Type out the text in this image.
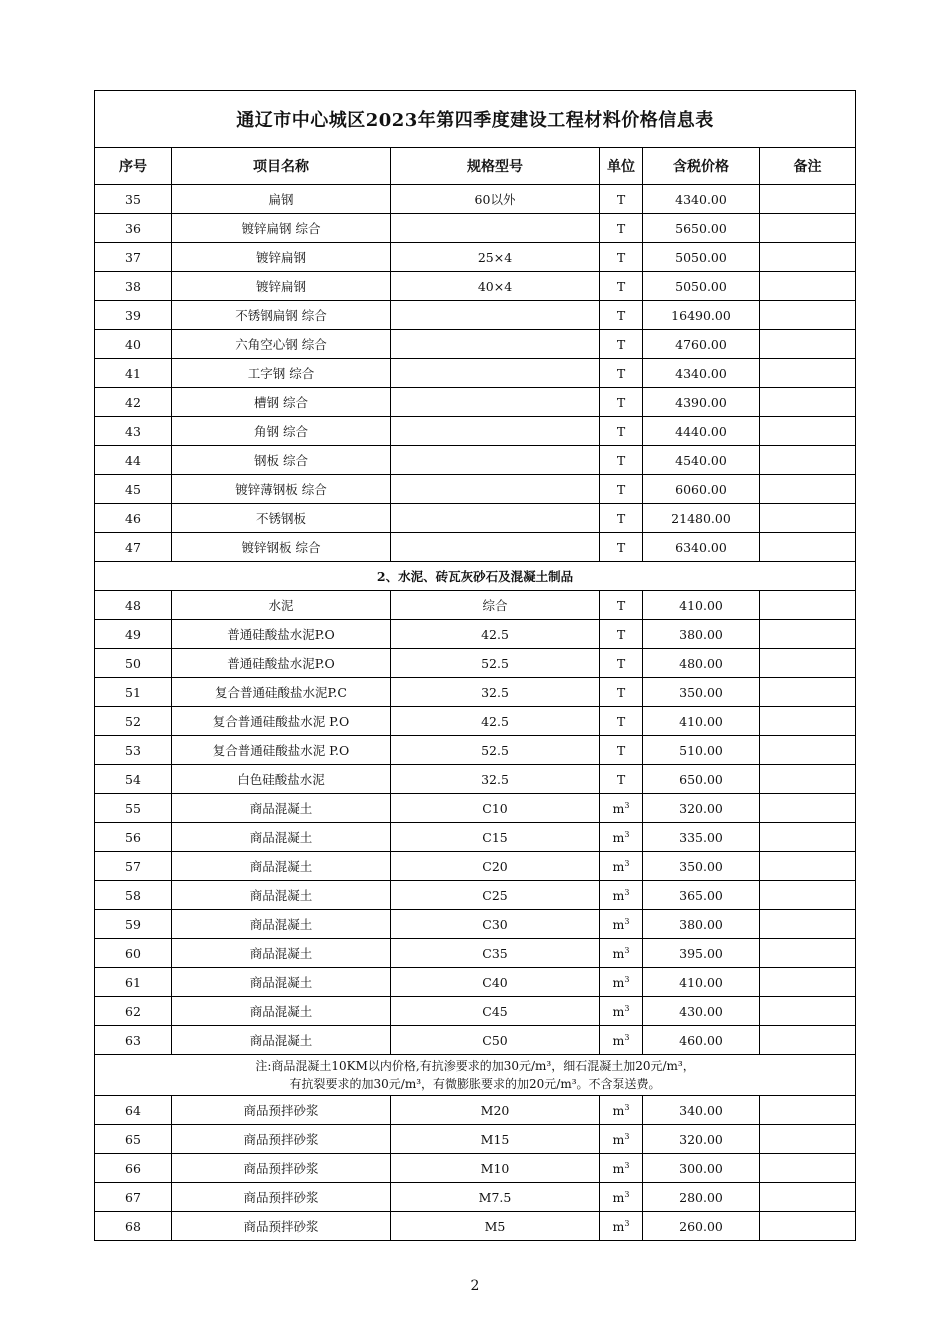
通辽市中心城区2023年第四季度建设工程材料价格信息表					
序号	项目名称	规格型号	单位	含税价格	备注
35	扁钢	60以外	T	4340.00	
36	镀锌扁钢 综合		T	5650.00	
37	镀锌扁钢	25×4	T	5050.00	
38	镀锌扁钢	40×4	T	5050.00	
39	不锈钢扁钢 综合		T	16490.00	
40	六角空心钢 综合		T	4760.00	
41	工字钢 综合		T	4340.00	
42	槽钢 综合		T	4390.00	
43	角钢 综合		T	4440.00	
44	钢板 综合		T	4540.00	
45	镀锌薄钢板 综合		T	6060.00	
46	不锈钢板		T	21480.00	
47	镀锌钢板 综合		T	6340.00	
2、水泥、砖瓦灰砂石及混凝土制品					
48	水泥	综合	T	410.00	
49	普通硅酸盐水泥P.O	42.5	T	380.00	
50	普通硅酸盐水泥P.O	52.5	T	480.00	
51	复合普通硅酸盐水泥P.C	32.5	T	350.00	
52	复合普通硅酸盐水泥 P.O	42.5	T	410.00	
53	复合普通硅酸盐水泥 P.O	52.5	T	510.00	
54	白色硅酸盐水泥	32.5	T	650.00	
55	商品混凝土	C10	$m^3$	320.00	
56	商品混凝土	C15	$m^3$	335.00	
57	商品混凝土	C20	$m^3$	350.00	
58	商品混凝土	C25	$m^3$	365.00	
59	商品混凝土	C30	$m^3$	380.00	
60	商品混凝土	C35	$m^3$	395.00	
61	商品混凝土	C40	$m^3$	410.00	
62	商品混凝土	C45	$m^3$	430.00	
63	商品混凝土	C50	$m^3$	460.00	

注:商品混凝土10KM以内价格,有抗渗要求的加30元/m³，细石混凝土加20元/m³，
有抗裂要求的加30元/m³，有微膨胀要求的加20元/m³。不含泵送费。					

64	商品预拌砂浆	M20	$m^3$	340.00	
65	商品预拌砂浆	M15	$m^3$	320.00	
66	商品预拌砂浆	M10	$m^3$	300.00	
67	商品预拌砂浆	M7.5	$m^3$	280.00	
68	商品预拌砂浆	M5	$m^3$	260.00	
2
